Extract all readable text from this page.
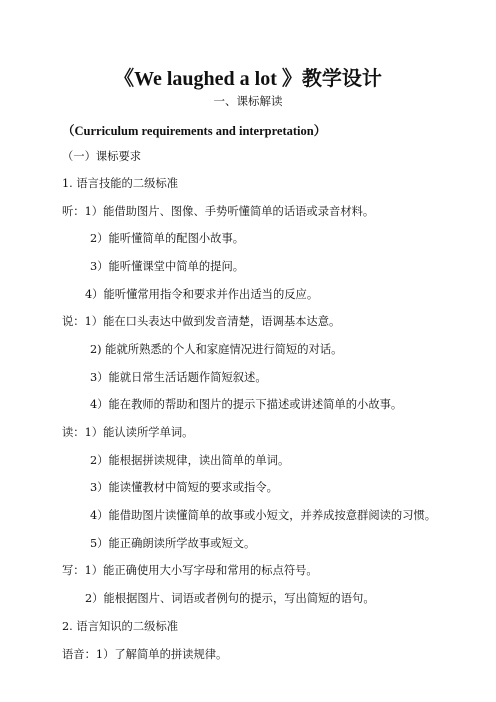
《We laughed a lot 》教学设计
一、课标解读
（Curriculum requirements and interpretation）
（一）课标要求
1. 语言技能的二级标准
听：1）能借助图片、图像、手势听懂简单的话语或录音材料。
2）能听懂简单的配图小故事。
3）能听懂课堂中简单的提问。
4）能听懂常用指令和要求并作出适当的反应。
说：1）能在口头表达中做到发音清楚，语调基本达意。
2) 能就所熟悉的个人和家庭情况进行简短的对话。
3）能就日常生活话题作简短叙述。
4）能在教师的帮助和图片的提示下描述或讲述简单的小故事。
读：1）能认读所学单词。
2）能根据拼读规律，读出简单的单词。
3）能读懂教材中简短的要求或指令。
4）能借助图片读懂简单的故事或小短文，并养成按意群阅读的习惯。
5）能正确朗读所学故事或短文。
写：1）能正确使用大小写字母和常用的标点符号。
2）能根据图片、词语或者例句的提示，写出简短的语句。
2. 语言知识的二级标准
语音：1）了解简单的拼读规律。
